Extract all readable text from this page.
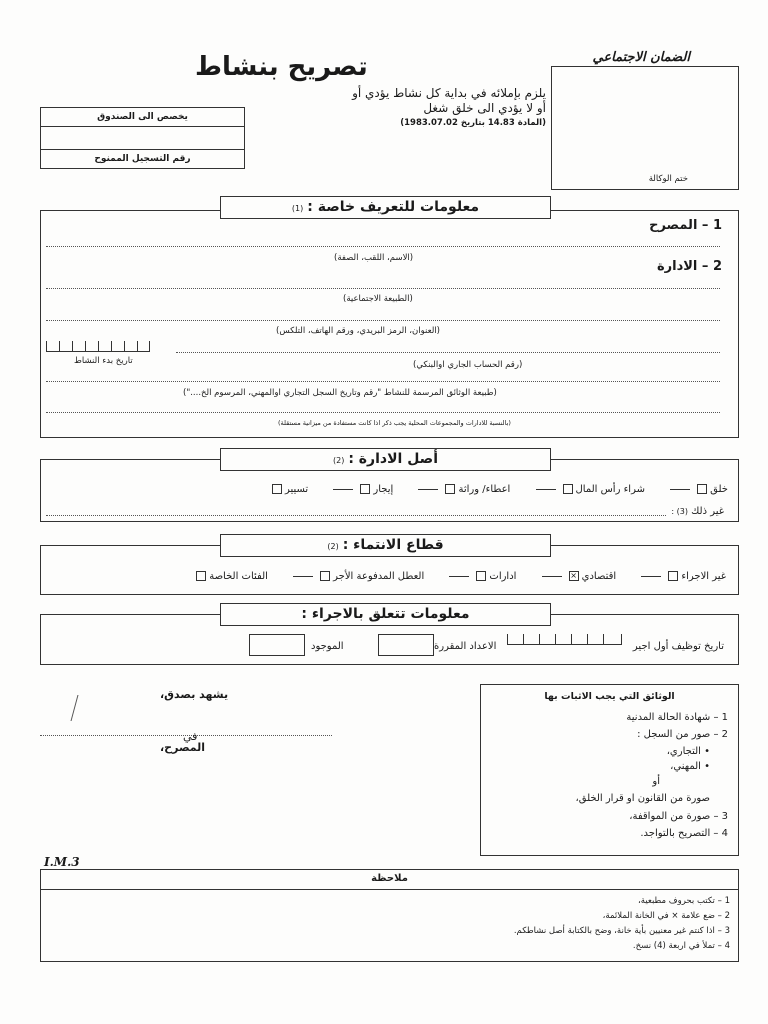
الضمان الاجتماعي
ختم الوكالة
تصريح بنشاط
يلزم بإملائه في بداية كل نشاط يؤدي أو
أو لا يؤدي الى خلق شغل
(المادة 14.83 بتاريخ 1983.07.02)
يخصص الى الصندوق
رقم التسجيل الممنوح
معلومات للتعريف خاصة :(1)
1 – المصرح
2 – الادارة
(الاسم، اللقب، الصفة)
(الطبيعة الاجتماعية)
(العنوان، الرمز البريدي، ورقم الهاتف، التلكس)
تاريخ بدء النشاط	(رقم الحساب الجاري اوالبنكي)
(طبيعة الوثائق المرسمة للنشاط "رقم وتاريخ السجل التجاري اوالمهني، المرسوم الخ....")
(بالنسبة للادارات والمجموعات المحلية يجب ذكر اذا كانت مستفادة من ميزانية مستقلة)
أصل الادارة :(2)
خلق شراء رأس المال اعطاء/ وراثة إيجار تسيير
غير ذلك (3) :
قطاع الانتماء :(2)
غير الاجراء اقتصادي× ادارات العطل المدفوعة الأجر الفئات الخاصة
معلومات تتعلق بالاجراء :
تاريخ توظيف أول اجير
الاعداد المقررة
الموجود
يشهد بصدق،
في
المصرح،
الوثائق التي يجب الاثبات بها
1 – شهادة الحالة المدنية
2 – صور من السجل :
• التجاري،
• المهني،
أو
صورة من القانون او قرار الخلق،
3 – صورة من المواقفة،
4 – التصريح بالتواجد.
I.M.3
ملاحظة
1 – تكتب بحروف مطبعية،
2 – ضع علامة × في الخانة الملائمة،
3 – اذا كنتم غير معنيين بأية خانة، وضح بالكتابة أصل نشاطكم.
4 – تملأ في اربعة (4) نسخ.
